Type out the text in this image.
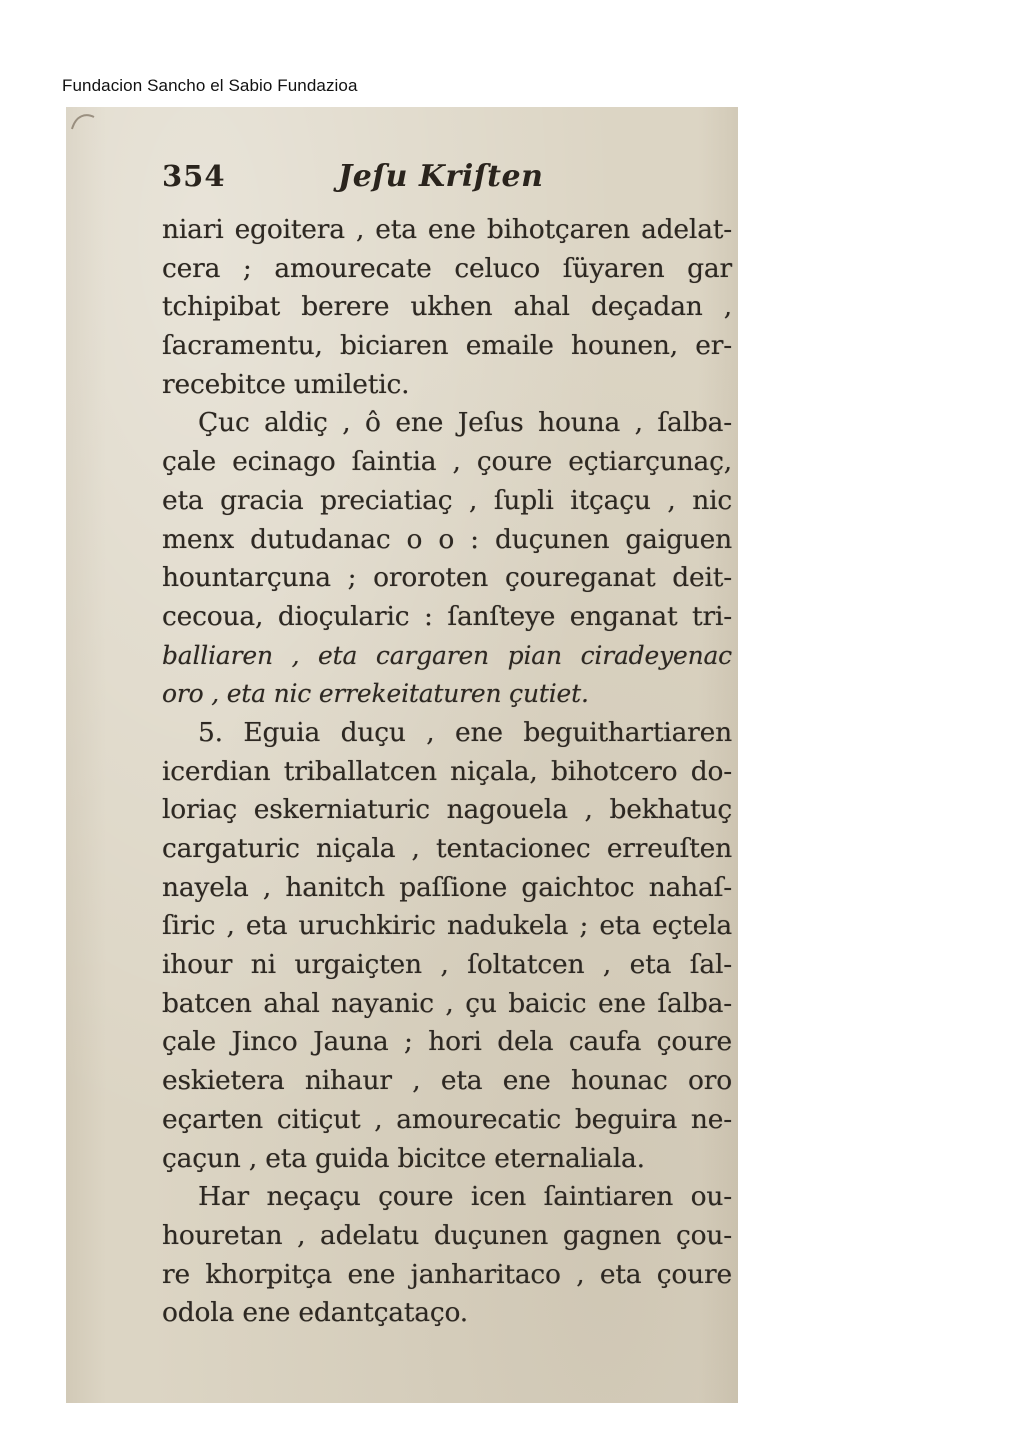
Fundacion Sancho el Sabio Fundazioa
354	Jeſu Kriſten
niari egoitera , eta ene bihotçaren adelat-
cera ; amourecate celuco ſüyaren gar
tchipibat berere ukhen ahal deçadan ,
ſacramentu, biciaren emaile hounen, er-
recebitce umiletic.
Çuc aldiç , ô ene Jeſus houna , ſalba-
çale ecinago ſaintia , çoure eçtiarçunaç,
eta gracia preciatiaç , ſupli itçaçu , nic
menx dutudanac o o : duçunen gaiguen
hountarçuna ; ororoten çoureganat deit-
cecoua, dioçularic : ſanſteye enganat tri-
balliaren , eta cargaren pian ciradeyenac
oro , eta nic errekeitaturen çutiet.
5. Eguia duçu , ene beguithartiaren
icerdian triballatcen niçala, bihotcero do-
loriaç eskerniaturic nagouela , bekhatuç
cargaturic niçala , tentacionec erreuſten
nayela , hanitch paſſione gaichtoc nahaſ-
ſiric , eta uruchkiric nadukela ; eta eçtela
ihour ni urgaiçten , ſoltatcen , eta ſal-
batcen ahal nayanic , çu baicic ene ſalba-
çale Jinco Jauna ; hori dela caufa çoure
eskietera nihaur , eta ene hounac oro
eçarten citiçut , amourecatic beguira ne-
çaçun , eta guida bicitce eternaliala.
Har neçaçu çoure icen ſaintiaren ou-
houretan , adelatu duçunen gagnen çou-
re khorpitça ene janharitaco , eta çoure
odola ene edantçataço.
